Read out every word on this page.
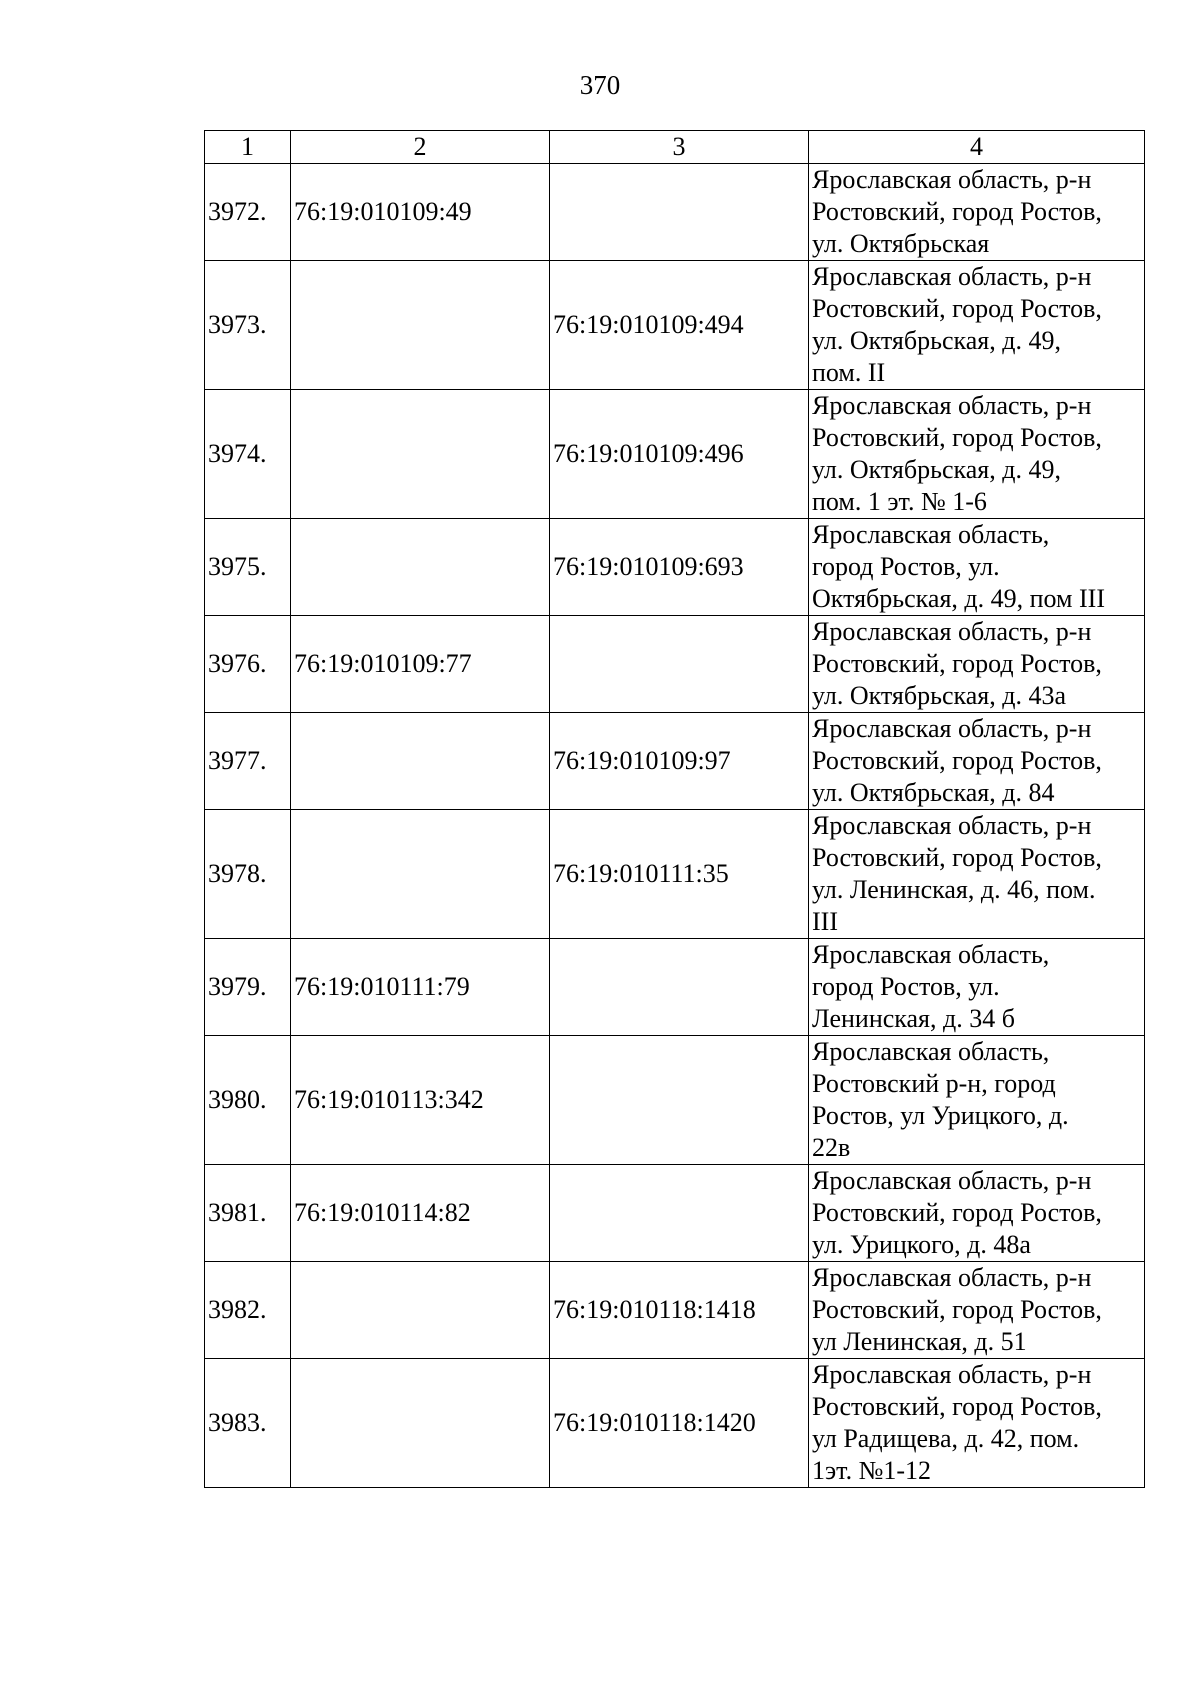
370
1	2	3	4
3972.	76:19:010109:49		Ярославская область, р-н
Ростовский, город Ростов,
ул. Октябрьская

3973.		76:19:010109:494	Ярославская область, р-н
Ростовский, город Ростов,
ул. Октябрьская, д. 49,
пом. II

3974.		76:19:010109:496	Ярославская область, р-н
Ростовский, город Ростов,
ул. Октябрьская, д. 49,
пом. 1 эт. № 1-6

3975.		76:19:010109:693	Ярославская область,
город Ростов, ул.
Октябрьская, д. 49, пом III

3976.	76:19:010109:77		Ярославская область, р-н
Ростовский, город Ростов,
ул. Октябрьская, д. 43а

3977.		76:19:010109:97	Ярославская область, р-н
Ростовский, город Ростов,
ул. Октябрьская, д. 84

3978.		76:19:010111:35	Ярославская область, р-н
Ростовский, город Ростов,
ул. Ленинская, д. 46, пом.
III

3979.	76:19:010111:79		Ярославская область,
город Ростов, ул.
Ленинская, д. 34 б

3980.	76:19:010113:342		Ярославская область,
Ростовский р-н, город
Ростов, ул Урицкого, д.
22в

3981.	76:19:010114:82		Ярославская область, р-н
Ростовский, город Ростов,
ул. Урицкого, д. 48а

3982.		76:19:010118:1418	Ярославская область, р-н
Ростовский, город Ростов,
ул Ленинская, д. 51

3983.		76:19:010118:1420	Ярославская область, р-н
Ростовский, город Ростов,
ул Радищева, д. 42, пом.
1эт. №1-12
